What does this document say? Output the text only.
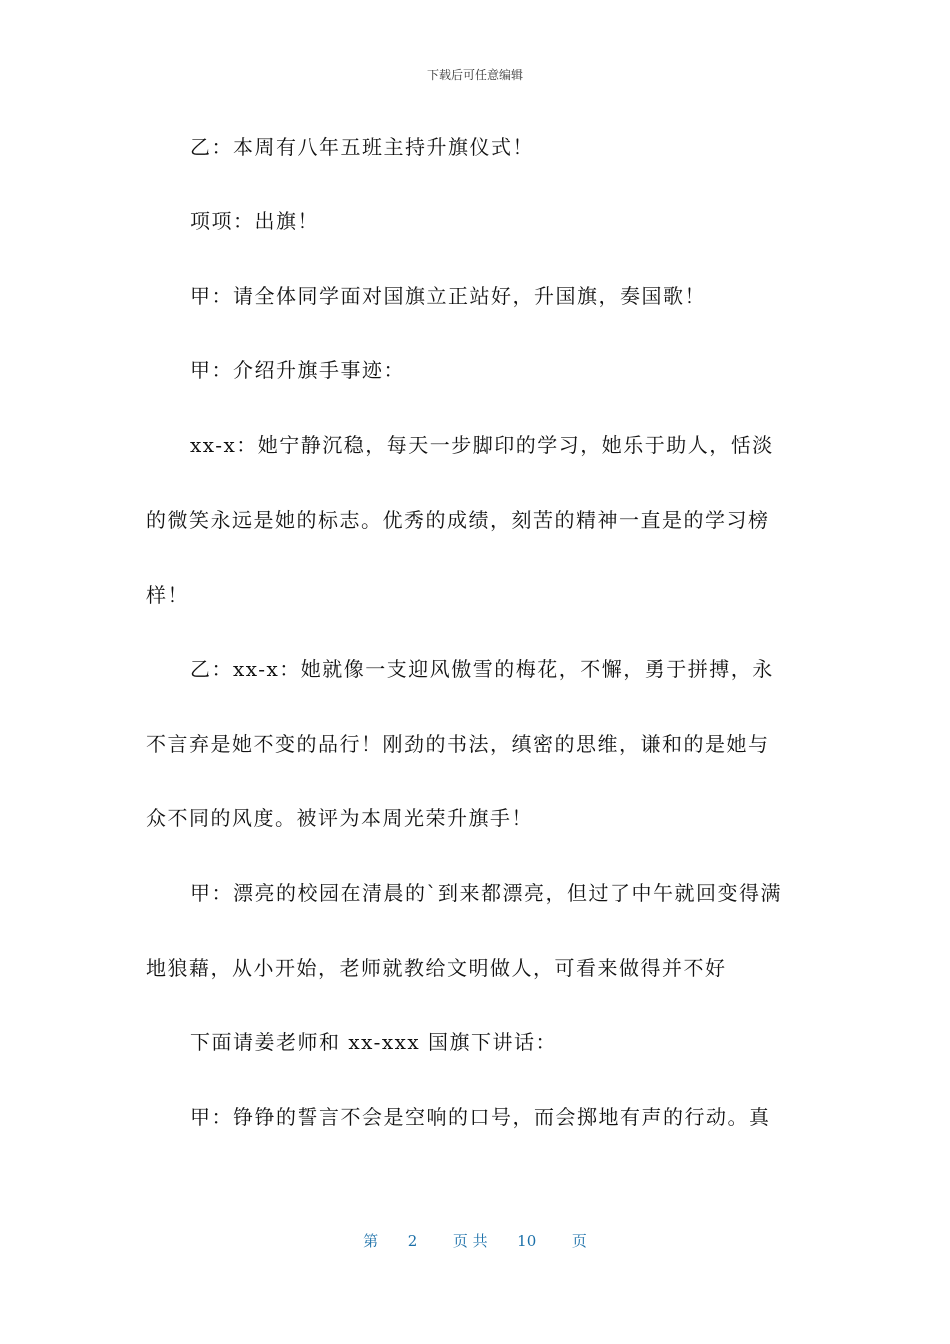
下载后可任意编辑
乙：本周有八年五班主持升旗仪式！
项项：出旗！
甲：请全体同学面对国旗立正站好，升国旗，奏国歌！
甲：介绍升旗手事迹：
xx-x：她宁静沉稳，每天一步脚印的学习，她乐于助人，恬淡
的微笑永远是她的标志。优秀的成绩，刻苦的精神一直是的学习榜
样！
乙：xx-x：她就像一支迎风傲雪的梅花，不懈，勇于拼搏，永
不言弃是她不变的品行！刚劲的书法，缜密的思维，谦和的是她与
众不同的风度。被评为本周光荣升旗手！
甲：漂亮的校园在清晨的`到来都漂亮，但过了中午就回变得满
地狼藉，从小开始，老师就教给文明做人，可看来做得并不好
下面请姜老师和 xx-xxx 国旗下讲话：
甲：铮铮的誓言不会是空响的口号，而会掷地有声的行动。真
第 2 页 共 10 页
